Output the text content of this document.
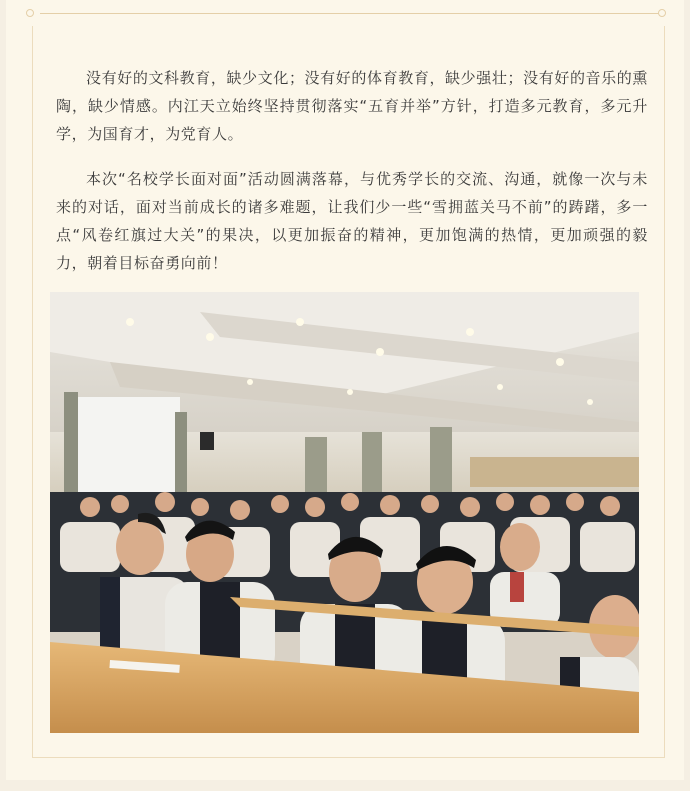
没有好的文科教育，缺少文化；没有好的体育教育，缺少强壮；没有好的音乐的熏陶，缺少情感。内江天立始终坚持贯彻落实“五育并举”方针，打造多元教育，多元升学，为国育才，为党育人。

本次“名校学长面对面”活动圆满落幕，与优秀学长的交流、沟通，就像一次与未来的对话，面对当前成长的诸多难题，让我们少一些“雪拥蓝关马不前”的踌躇，多一点“风卷红旗过大关”的果决，以更加振奋的精神，更加饱满的热情，更加顽强的毅力，朝着目标奋勇向前！
